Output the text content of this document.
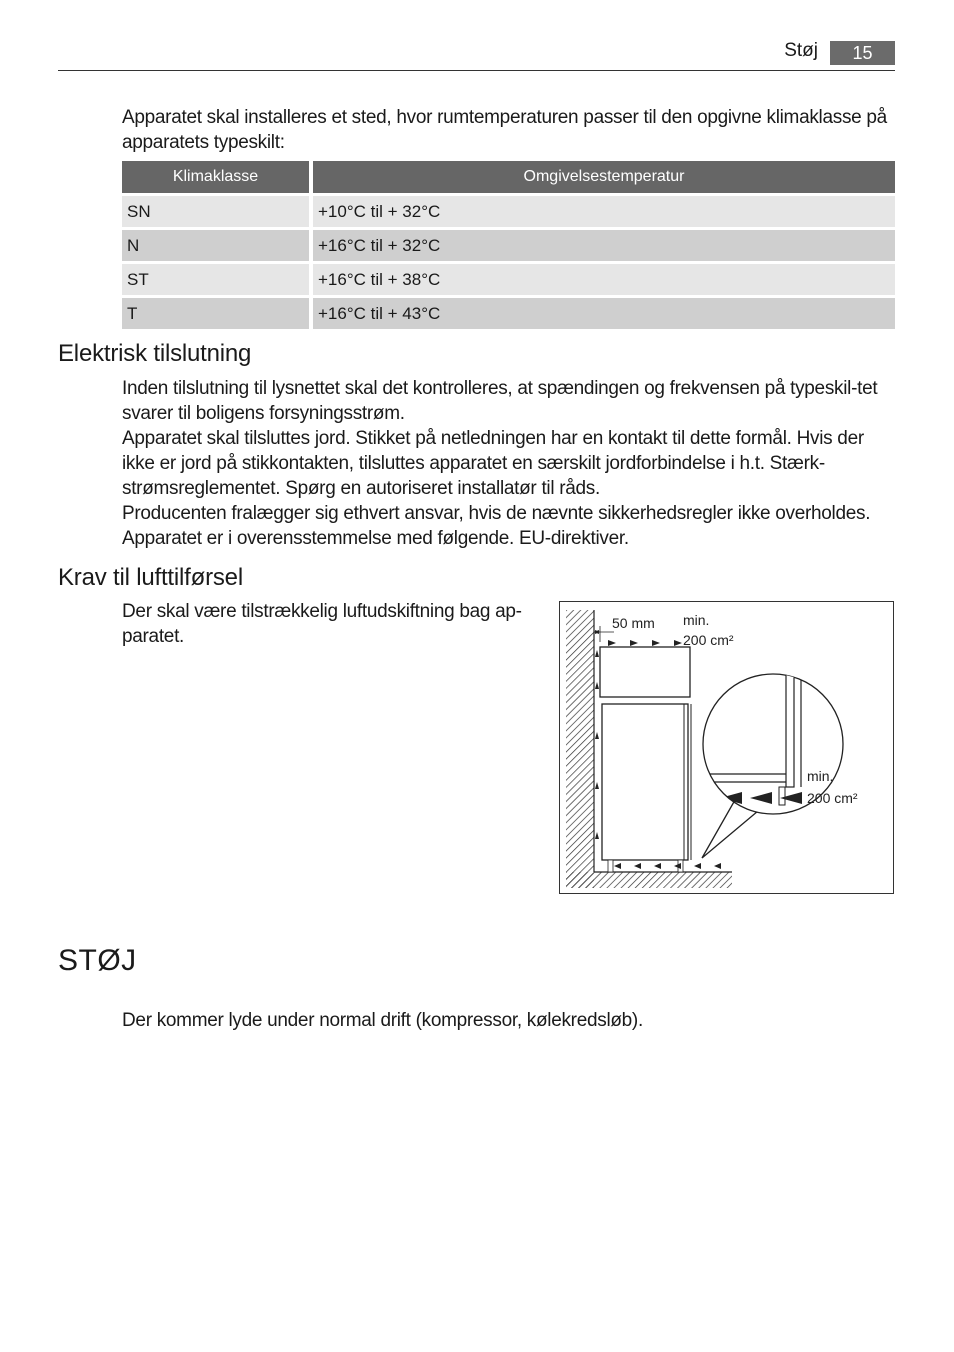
Støj	15
Apparatet skal installeres et sted, hvor rumtemperaturen passer til den opgivne klimaklasse på apparatets typeskilt:
Klimaklasse	Omgivelsestemperatur
SN	+10°C til + 32°C
N	+16°C til + 32°C
ST	+16°C til + 38°C
T	+16°C til + 43°C
Elektrisk tilslutning
Inden tilslutning til lysnettet skal det kontrolleres, at spændingen og frekvensen på typeskil-tet svarer til boligens forsyningsstrøm.
Apparatet skal tilsluttes jord. Stikket på netledningen har en kontakt til dette formål. Hvis der ikke er jord på stikkontakten, tilsluttes apparatet en særskilt jordforbindelse i h.t. Stærk-strømsreglementet. Spørg en autoriseret installatør til råds.
Producenten fralægger sig ethvert ansvar, hvis de nævnte sikkerhedsregler ikke overholdes.
Apparatet er i overensstemmelse med følgende. EU-direktiver.
Krav til lufttilførsel
Der skal være tilstrækkelig luftudskiftning bag ap-paratet.
50 mm min.
200 cm²
min.
200 cm²
STØJ
Der kommer lyde under normal drift (kompressor, kølekredsløb).
